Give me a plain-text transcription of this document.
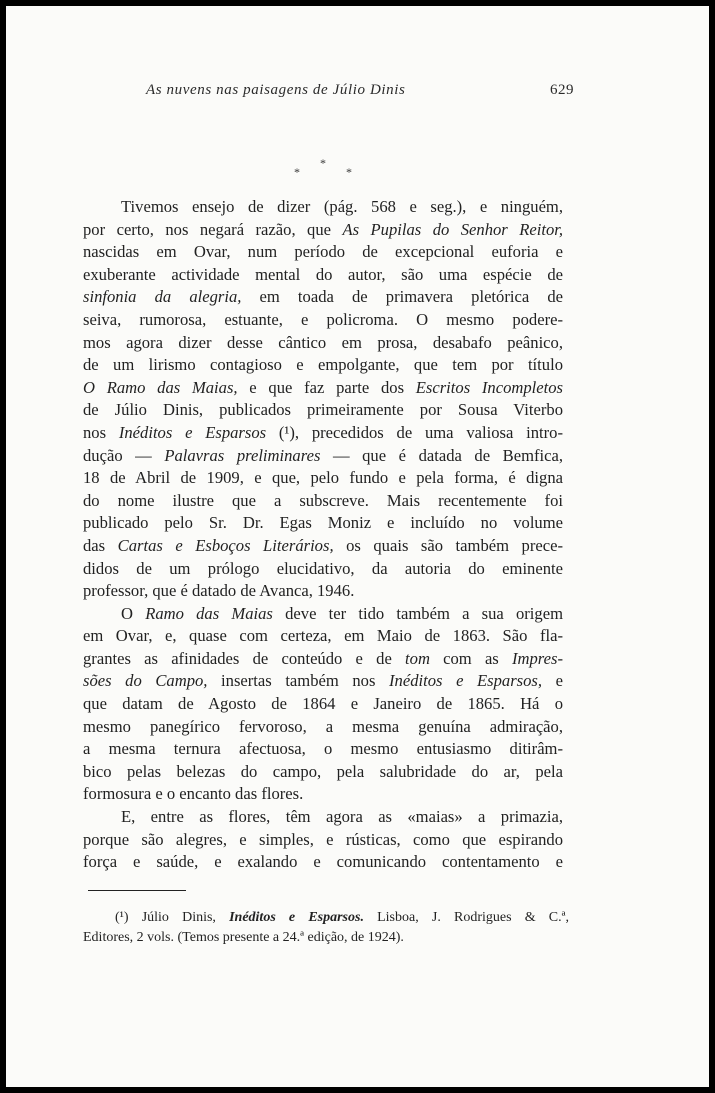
As nuvens nas paisagens de Júlio Dinis	629
*
*	*

Tivemos ensejo de dizer (pág. 568 e seg.), e ninguém,

por certo, nos negará razão, que As Pupilas do Senhor Reitor,

nascidas em Ovar, num período de excepcional euforia e

exuberante actividade mental do autor, são uma espécie de

sinfonia da alegria, em toada de primavera pletórica de

seiva, rumorosa, estuante, e policroma. O mesmo podere-

mos agora dizer desse cântico em prosa, desabafo peânico,

de um lirismo contagioso e empolgante, que tem por título

O Ramo das Maias, e que faz parte dos Escritos Incompletos

de Júlio Dinis, publicados primeiramente por Sousa Viterbo

nos Inéditos e Esparsos (¹), precedidos de uma valiosa intro-

dução — Palavras preliminares — que é datada de Bemfica,

18 de Abril de 1909, e que, pelo fundo e pela forma, é digna

do nome ilustre que a subscreve. Mais recentemente foi

publicado pelo Sr. Dr. Egas Moniz e incluído no volume

das Cartas e Esboços Literários, os quais são também precе-

didos de um prólogo elucidativo, da autoria do eminente

professor, que é datado de Avanca, 1946.

O Ramo das Maias deve ter tido também a sua origem

em Ovar, e, quase com certeza, em Maio de 1863. São fla-

grantes as afinidades de conteúdo e de tom com as Impres-

sões do Campo, insertas também nos Inéditos e Esparsos, e

que datam de Agosto de 1864 e Janeiro de 1865. Há o

mesmo panegírico fervoroso, a mesma genuína admiração,

a mesma ternura afectuosa, o mesmo entusiasmo ditirâm-

bico pelas belezas do campo, pela salubridade do ar, pela

formosura e o encanto das flores.

E, entre as flores, têm agora as «maias» a primazia,

porque são alegres, e simples, e rústicas, como que espirando

força e saúde, e exalando e comunicando contentamento e

(¹) Júlio Dinis, Inéditos e Esparsos. Lisboa, J. Rodrigues & C.ª,

Editores, 2 vols. (Temos presente a 24.ª edição, de 1924).
